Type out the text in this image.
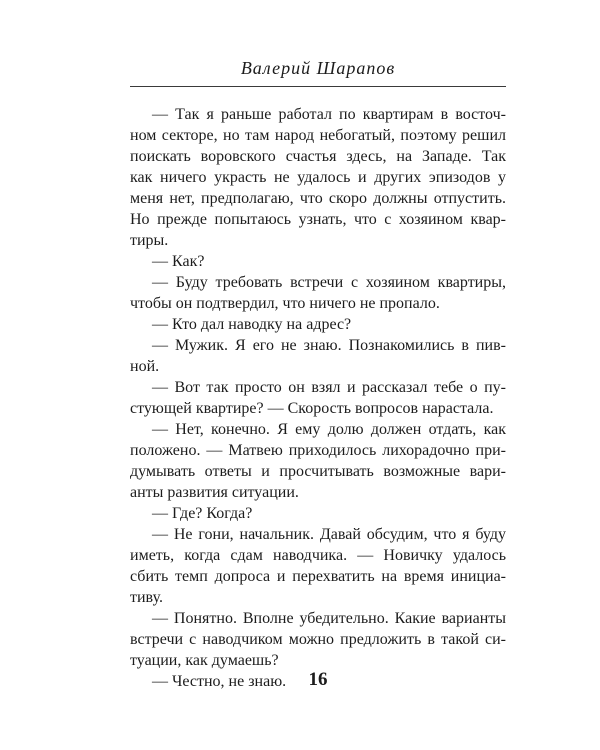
Валерий Шарапов
— Так я раньше работал по квартирам в восточ-
ном секторе, но там народ небогатый, поэтому решил
поискать воровского счастья здесь, на Западе. Так
как ничего украсть не удалось и других эпизодов у
меня нет, предполагаю, что скоро должны отпустить.
Но прежде попытаюсь узнать, что с хозяином квар-
тиры.
— Как?
— Буду требовать встречи с хозяином квартиры,
чтобы он подтвердил, что ничего не пропало.
— Кто дал наводку на адрес?
— Мужик. Я его не знаю. Познакомились в пив-
ной.
— Вот так просто он взял и рассказал тебе о пу-
стующей квартире? — Скорость вопросов нарастала.
— Нет, конечно. Я ему долю должен отдать, как
положено. — Матвею приходилось лихорадочно при-
думывать ответы и просчитывать возможные вари-
анты развития ситуации.
— Где? Когда?
— Не гони, начальник. Давай обсудим, что я буду
иметь, когда сдам наводчика. — Новичку удалось
сбить темп допроса и перехватить на время инициа-
тиву.
— Понятно. Вполне убедительно. Какие варианты
встречи с наводчиком можно предложить в такой си-
туации, как думаешь?
— Честно, не знаю.	16
